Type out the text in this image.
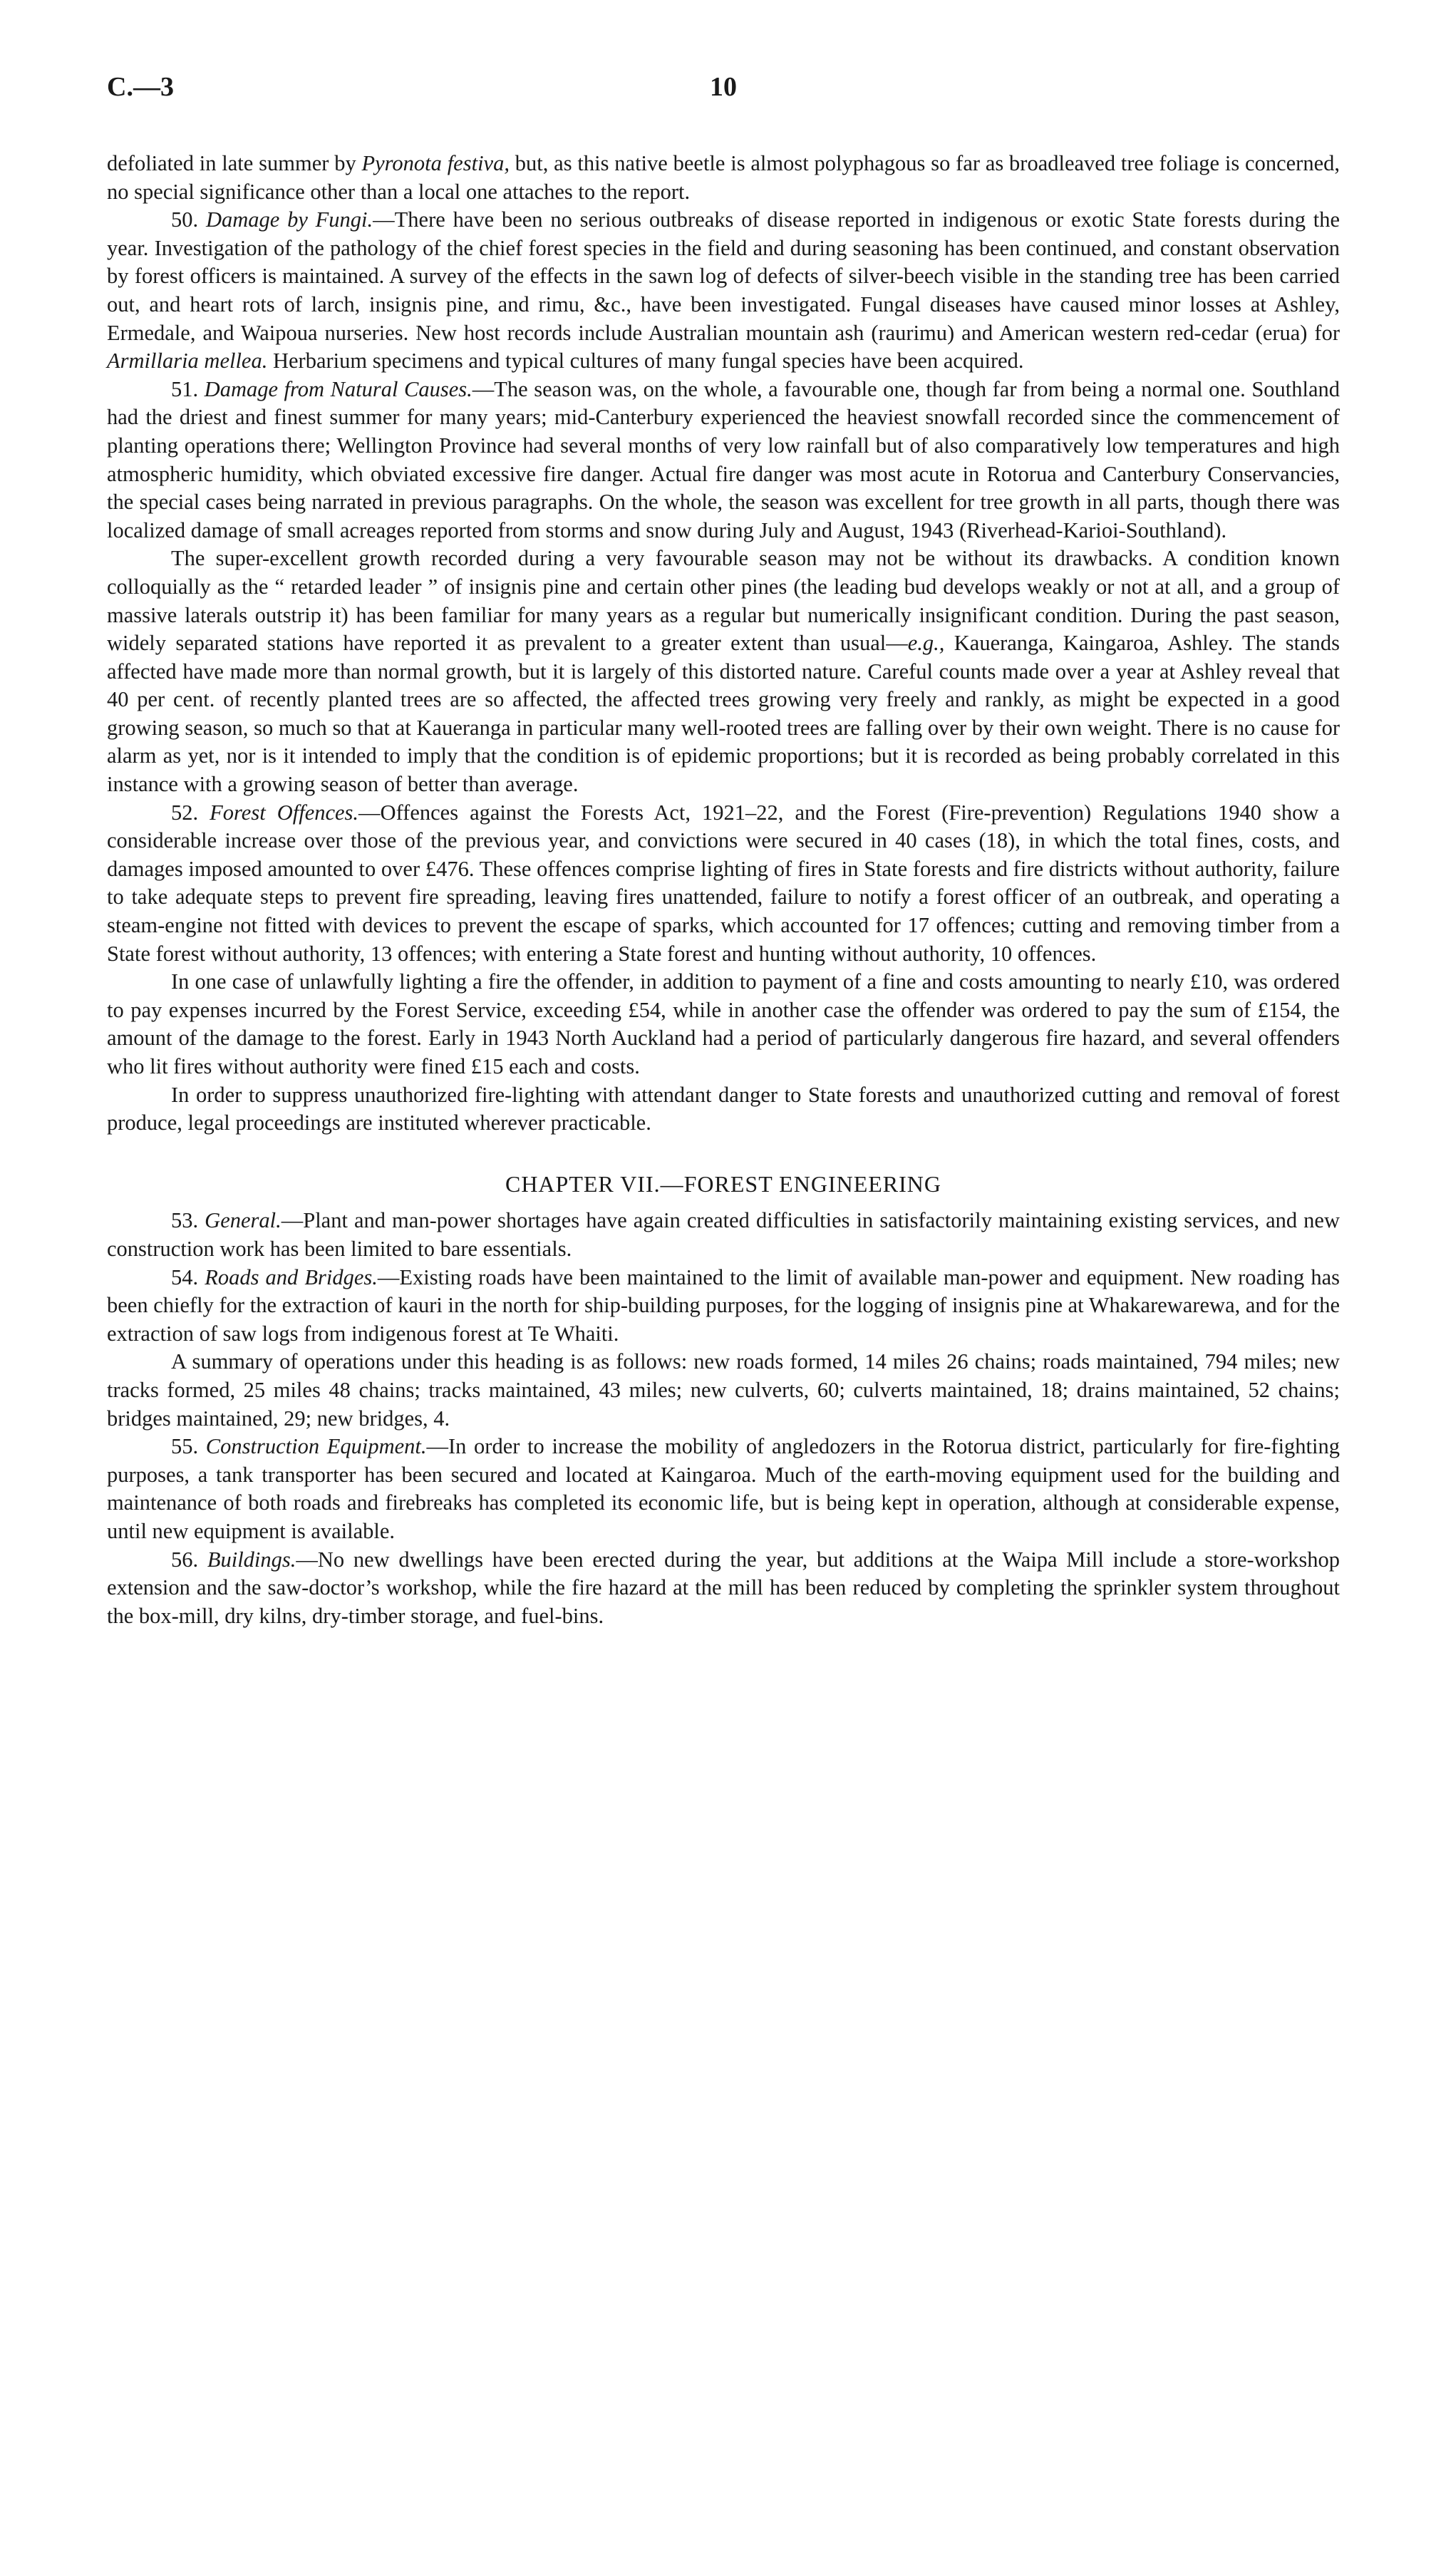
C.—3	10

defoliated in late summer by Pyronota festiva, but, as this native beetle is almost polyphagous so far as broadleaved tree foliage is concerned, no special significance other than a local one attaches to the report.

50. Damage by Fungi.—There have been no serious outbreaks of disease reported in indigenous or exotic State forests during the year. Investigation of the pathology of the chief forest species in the field and during seasoning has been continued, and constant observation by forest officers is maintained. A survey of the effects in the sawn log of defects of silver-beech visible in the standing tree has been carried out, and heart rots of larch, insignis pine, and rimu, &c., have been investigated. Fungal diseases have caused minor losses at Ashley, Ermedale, and Waipoua nurseries. New host records include Australian mountain ash (raurimu) and American western red-cedar (erua) for Armillaria mellea. Herbarium specimens and typical cultures of many fungal species have been acquired.

51. Damage from Natural Causes.—The season was, on the whole, a favourable one, though far from being a normal one. Southland had the driest and finest summer for many years; mid-Canterbury experienced the heaviest snowfall recorded since the commencement of planting operations there; Wellington Province had several months of very low rainfall but of also comparatively low temperatures and high atmospheric humidity, which obviated excessive fire danger. Actual fire danger was most acute in Rotorua and Canterbury Conservancies, the special cases being narrated in previous paragraphs. On the whole, the season was excellent for tree growth in all parts, though there was localized damage of small acreages reported from storms and snow during July and August, 1943 (Riverhead-Karioi-Southland).

The super-excellent growth recorded during a very favourable season may not be without its drawbacks. A condition known colloquially as the “ retarded leader ” of insignis pine and certain other pines (the leading bud develops weakly or not at all, and a group of massive laterals outstrip it) has been familiar for many years as a regular but numerically insignificant condition. During the past season, widely separated stations have reported it as prevalent to a greater extent than usual—e.g., Kauerangа, Kaingaroa, Ashley. The stands affected have made more than normal growth, but it is largely of this distorted nature. Careful counts made over a year at Ashley reveal that 40 per cent. of recently planted trees are so affected, the affected trees growing very freely and rankly, as might be expected in a good growing season, so much so that at Kauerangа in particular many well-rooted trees are falling over by their own weight. There is no cause for alarm as yet, nor is it intended to imply that the condition is of epidemic proportions; but it is recorded as being probably correlated in this instance with a growing season of better than average.

52. Forest Offences.—Offences against the Forests Act, 1921–22, and the Forest (Fire-prevention) Regulations 1940 show a considerable increase over those of the previous year, and convictions were secured in 40 cases (18), in which the total fines, costs, and damages imposed amounted to over £476. These offences comprise lighting of fires in State forests and fire districts without authority, failure to take adequate steps to prevent fire spreading, leaving fires unattended, failure to notify a forest officer of an outbreak, and operating a steam-engine not fitted with devices to prevent the escape of sparks, which accounted for 17 offences; cutting and removing timber from a State forest without authority, 13 offences; with entering a State forest and hunting without authority, 10 offences.

In one case of unlawfully lighting a fire the offender, in addition to payment of a fine and costs amounting to nearly £10, was ordered to pay expenses incurred by the Forest Service, exceeding £54, while in another case the offender was ordered to pay the sum of £154, the amount of the damage to the forest. Early in 1943 North Auckland had a period of particularly dangerous fire hazard, and several offenders who lit fires without authority were fined £15 each and costs.

In order to suppress unauthorized fire-lighting with attendant danger to State forests and unauthorized cutting and removal of forest produce, legal proceedings are instituted wherever practicable.

CHAPTER VII.—FOREST ENGINEERING

53. General.—Plant and man-power shortages have again created difficulties in satisfactorily maintaining existing services, and new construction work has been limited to bare essentials.

54. Roads and Bridges.—Existing roads have been maintained to the limit of available man-power and equipment. New roading has been chiefly for the extraction of kauri in the north for ship-building purposes, for the logging of insignis pine at Whakarewarewa, and for the extraction of saw logs from indigenous forest at Te Whaiti.

A summary of operations under this heading is as follows: new roads formed, 14 miles 26 chains; roads maintained, 794 miles; new tracks formed, 25 miles 48 chains; tracks maintained, 43 miles; new culverts, 60; culverts maintained, 18; drains maintained, 52 chains; bridges maintained, 29; new bridges, 4.

55. Construction Equipment.—In order to increase the mobility of angledozers in the Rotorua district, particularly for fire-fighting purposes, a tank transporter has been secured and located at Kaingaroa. Much of the earth-moving equipment used for the building and maintenance of both roads and firebreaks has completed its economic life, but is being kept in operation, although at considerable expense, until new equipment is available.

56. Buildings.—No new dwellings have been erected during the year, but additions at the Waipa Mill include a store-workshop extension and the saw-doctor’s workshop, while the fire hazard at the mill has been reduced by completing the sprinkler system throughout the box-mill, dry kilns, dry-timber storage, and fuel-bins.
